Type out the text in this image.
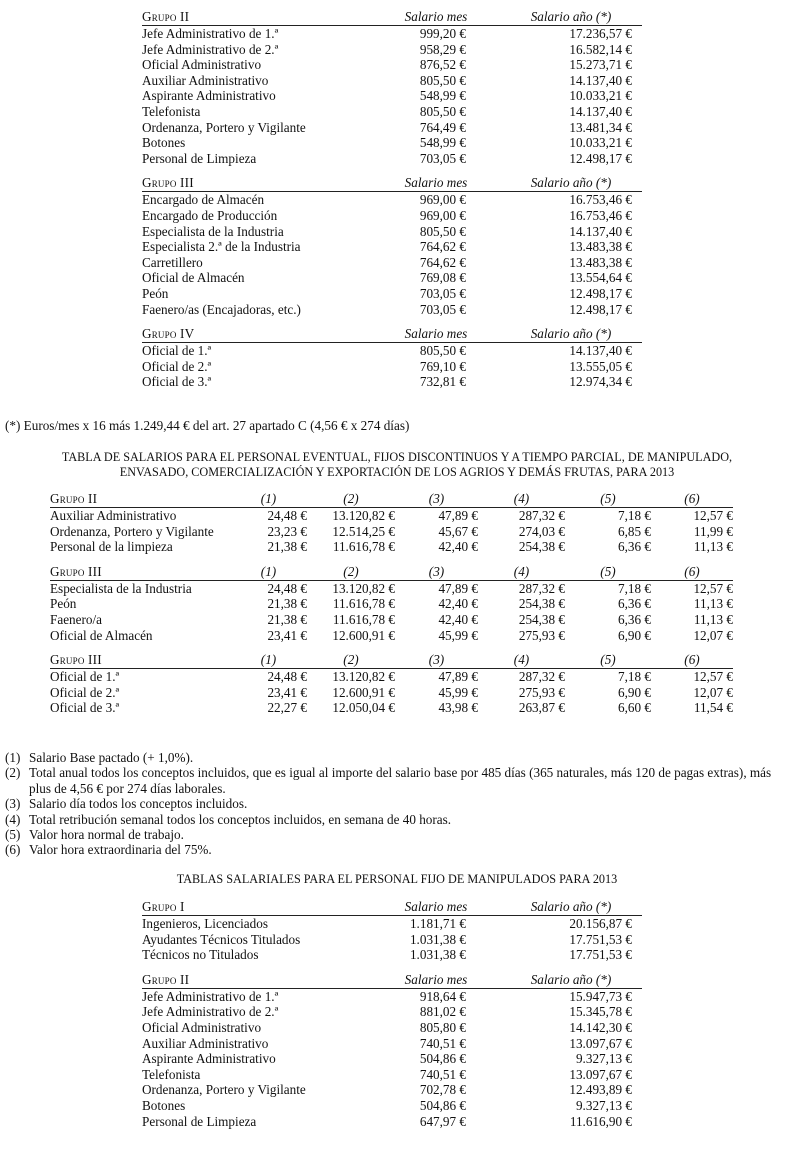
Grupo II	Salario mes	Salario año (*)
Jefe Administrativo de 1.ª	999,20 €	17.236,57 €
Jefe Administrativo de 2.ª	958,29 €	16.582,14 €
Oficial Administrativo	876,52 €	15.273,71 €
Auxiliar Administrativo	805,50 €	14.137,40 €
Aspirante Administrativo	548,99 €	10.033,21 €
Telefonista	805,50 €	14.137,40 €
Ordenanza, Portero y Vigilante	764,49 €	13.481,34 €
Botones	548,99 €	10.033,21 €
Personal de Limpieza	703,05 €	12.498,17 €

Grupo III	Salario mes	Salario año (*)
Encargado de Almacén	969,00 €	16.753,46 €
Encargado de Producción	969,00 €	16.753,46 €
Especialista de la Industria	805,50 €	14.137,40 €
Especialista 2.ª de la Industria	764,62 €	13.483,38 €
Carretillero	764,62 €	13.483,38 €
Oficial de Almacén	769,08 €	13.554,64 €
Peón	703,05 €	12.498,17 €
Faenero/as (Encajadoras, etc.)	703,05 €	12.498,17 €

Grupo IV	Salario mes	Salario año (*)
Oficial de 1.ª	805,50 €	14.137,40 €
Oficial de 2.ª	769,10 €	13.555,05 €
Oficial de 3.ª	732,81 €	12.974,34 €
(*) Euros/mes x 16 más 1.249,44 € del art. 27 apartado C (4,56 € x 274 días)
TABLA DE SALARIOS PARA EL PERSONAL EVENTUAL, FIJOS DISCONTINUOS Y A TIEMPO PARCIAL, DE MANIPULADO,
ENVASADO, COMERCIALIZACIÓN Y EXPORTACIÓN DE LOS AGRIOS Y DEMÁS FRUTAS, PARA 2013
Grupo II	(1)	(2)	(3)	(4)	(5)	(6)
Auxiliar Administrativo	24,48 €	13.120,82 €	47,89 €	287,32 €	7,18 €	12,57 €
Ordenanza, Portero y Vigilante	23,23 €	12.514,25 €	45,67 €	274,03 €	6,85 €	11,99 €
Personal de la limpieza	21,38 €	11.616,78 €	42,40 €	254,38 €	6,36 €	11,13 €

Grupo III	(1)	(2)	(3)	(4)	(5)	(6)
Especialista de la Industria	24,48 €	13.120,82 €	47,89 €	287,32 €	7,18 €	12,57 €
Peón	21,38 €	11.616,78 €	42,40 €	254,38 €	6,36 €	11,13 €
Faenero/a	21,38 €	11.616,78 €	42,40 €	254,38 €	6,36 €	11,13 €
Oficial de Almacén	23,41 €	12.600,91 €	45,99 €	275,93 €	6,90 €	12,07 €

Grupo III	(1)	(2)	(3)	(4)	(5)	(6)
Oficial de 1.ª	24,48 €	13.120,82 €	47,89 €	287,32 €	7,18 €	12,57 €
Oficial de 2.ª	23,41 €	12.600,91 €	45,99 €	275,93 €	6,90 €	12,07 €
Oficial de 3.ª	22,27 €	12.050,04 €	43,98 €	263,87 €	6,60 €	11,54 €
(1) Salario Base pactado (+ 1,0%).
(2) Total anual todos los conceptos incluidos, que es igual al importe del salario base por 485 días (365 naturales, más 120 de pagas extras), más plus de 4,56 € por 274 días laborales.
(3) Salario día todos los conceptos incluidos.
(4) Total retribución semanal todos los conceptos incluidos, en semana de 40 horas.
(5) Valor hora normal de trabajo.
(6) Valor hora extraordinaria del 75%.
TABLAS SALARIALES PARA EL PERSONAL FIJO DE MANIPULADOS PARA 2013
Grupo I	Salario mes	Salario año (*)
Ingenieros, Licenciados	1.181,71 €	20.156,87 €
Ayudantes Técnicos Titulados	1.031,38 €	17.751,53 €
Técnicos no Titulados	1.031,38 €	17.751,53 €

Grupo II	Salario mes	Salario año (*)
Jefe Administrativo de 1.ª	918,64 €	15.947,73 €
Jefe Administrativo de 2.ª	881,02 €	15.345,78 €
Oficial Administrativo	805,80 €	14.142,30 €
Auxiliar Administrativo	740,51 €	13.097,67 €
Aspirante Administrativo	504,86 €	9.327,13 €
Telefonista	740,51 €	13.097,67 €
Ordenanza, Portero y Vigilante	702,78 €	12.493,89 €
Botones	504,86 €	9.327,13 €
Personal de Limpieza	647,97 €	11.616,90 €
